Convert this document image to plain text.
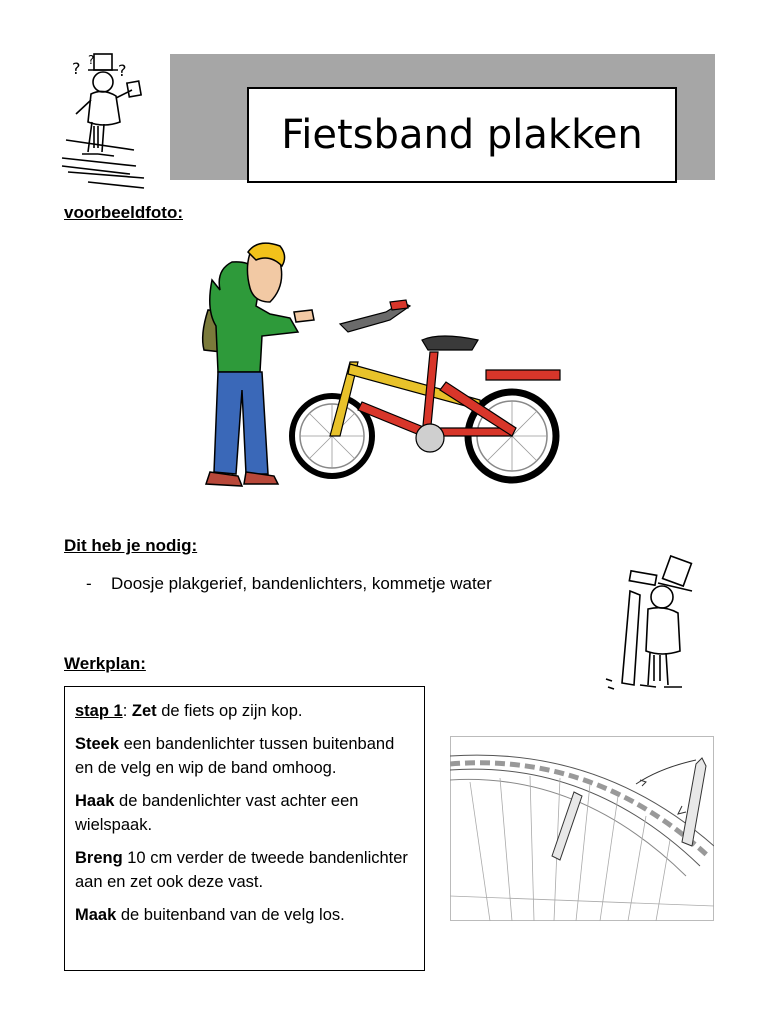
? ?
?
Fietsband plakken
voorbeeldfoto:
Dit heb je nodig:
-	Doosje plakgerief, bandenlichters, kommetje water
Werkplan:

stap 1: Zet de fiets op zijn kop.

Steek een bandenlichter tussen buitenband en de velg en wip de band omhoog.

Haak de bandenlichter vast achter een wielspaak.

Breng 10 cm verder de tweede bandenlichter aan en zet ook deze vast.

Maak de buitenband van de velg los.
